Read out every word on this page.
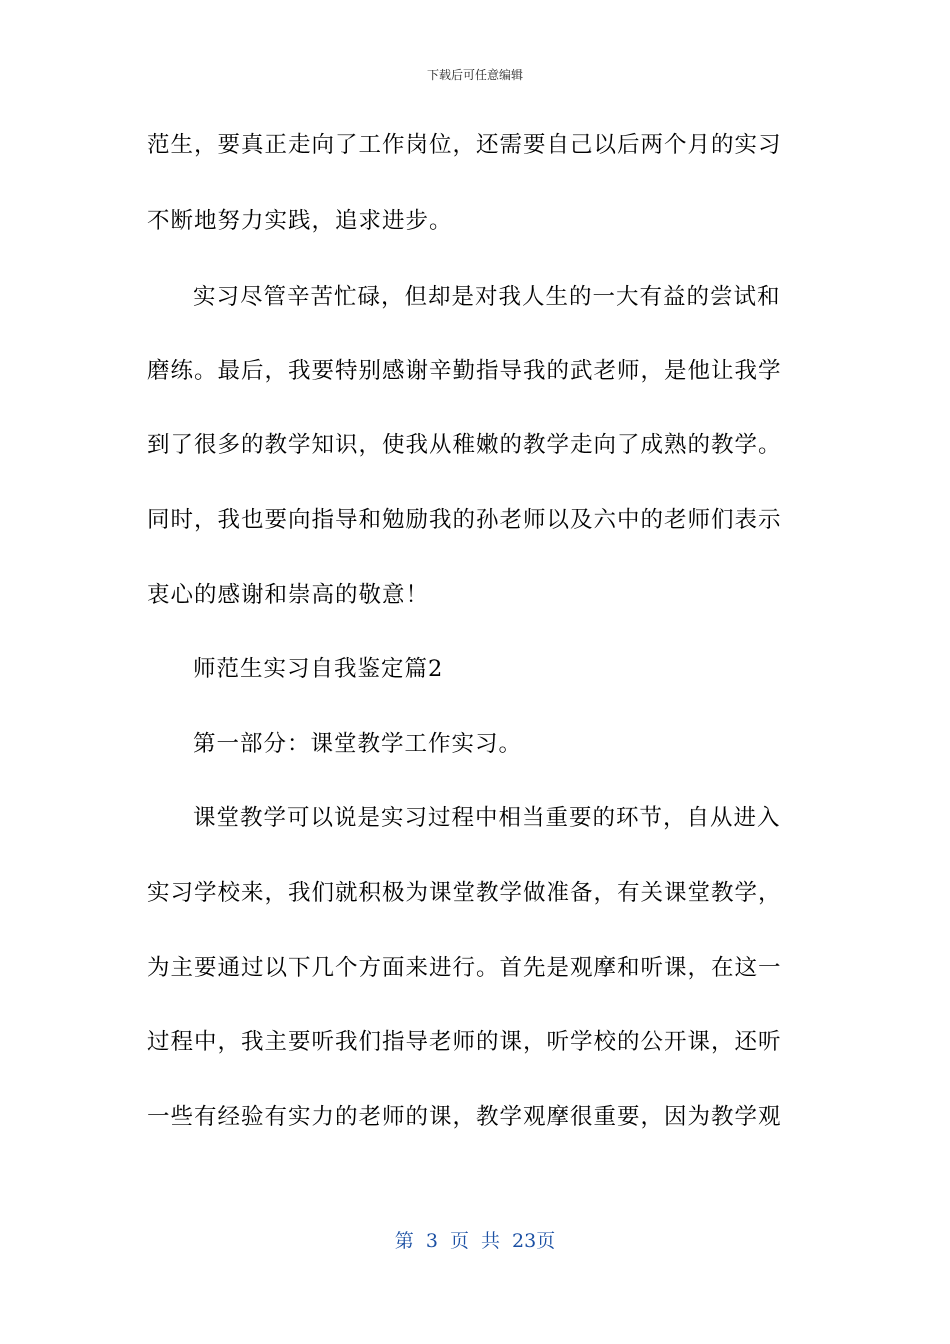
下载后可任意编辑
范生，要真正走向了工作岗位，还需要自己以后两个月的实习
不断地努力实践，追求进步。
实习尽管辛苦忙碌，但却是对我人生的一大有益的尝试和
磨练。最后，我要特别感谢辛勤指导我的武老师，是他让我学
到了很多的教学知识，使我从稚嫩的教学走向了成熟的教学。
同时，我也要向指导和勉励我的孙老师以及六中的老师们表示
衷心的感谢和崇高的敬意！
师范生实习自我鉴定篇2
第一部分：课堂教学工作实习。
课堂教学可以说是实习过程中相当重要的环节，自从进入
实习学校来，我们就积极为课堂教学做准备，有关课堂教学，
为主要通过以下几个方面来进行。首先是观摩和听课，在这一
过程中，我主要听我们指导老师的课，听学校的公开课，还听
一些有经验有实力的老师的课，教学观摩很重要，因为教学观
第 3 页 共 23页
